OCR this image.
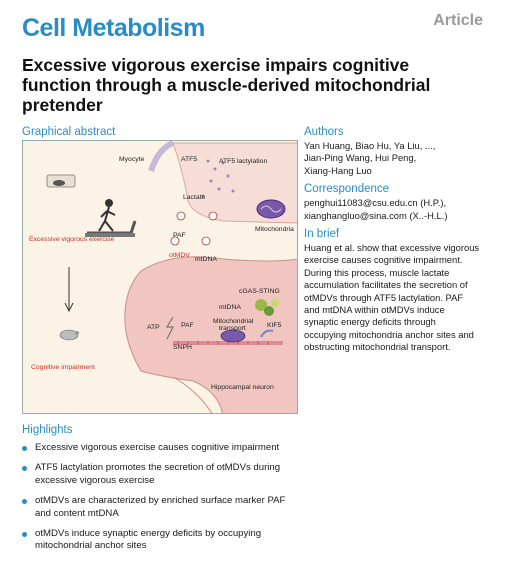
Cell Metabolism	Article
Excessive vigorous exercise impairs cognitive function through a muscle-derived mitochondrial pretender
Graphical abstract
Myocyte	ATF5	ATF5 lactylation
Lactate
Mitochondria
Excessive vigorous exercise
PAF
otMDV
mtDNA
cGAS-STING
mtDNA
ATP	PAF
SNPH
Mitochondrial
transport	KIF5
Cognitive impairment
Hippocampal neuron
Authors
Yan Huang, Biao Hu, Ya Liu, ...,
Jian-Ping Wang, Hui Peng,
Xiang-Hang Luo
Correspondence
penghui11083@csu.edu.cn (H.P.),
xianghangluo@sina.com (X..-H.L.)
In brief
Huang et al. show that excessive vigorous
exercise causes cognitive impairment.
During this process, muscle lactate
accumulation facilitates the secretion of
otMDVs through ATF5 lactylation. PAF
and mtDNA within otMDVs induce
synaptic energy deficits through
occupying mitochondria anchor sites and
obstructing mitochondrial transport.
Highlights
Excessive vigorous exercise causes cognitive impairment
ATF5 lactylation promotes the secretion of otMDVs during
excessive vigorous exercise
otMDVs are characterized by enriched surface marker PAF
and content mtDNA
otMDVs induce synaptic energy deficits by occupying
mitochondrial anchor sites
